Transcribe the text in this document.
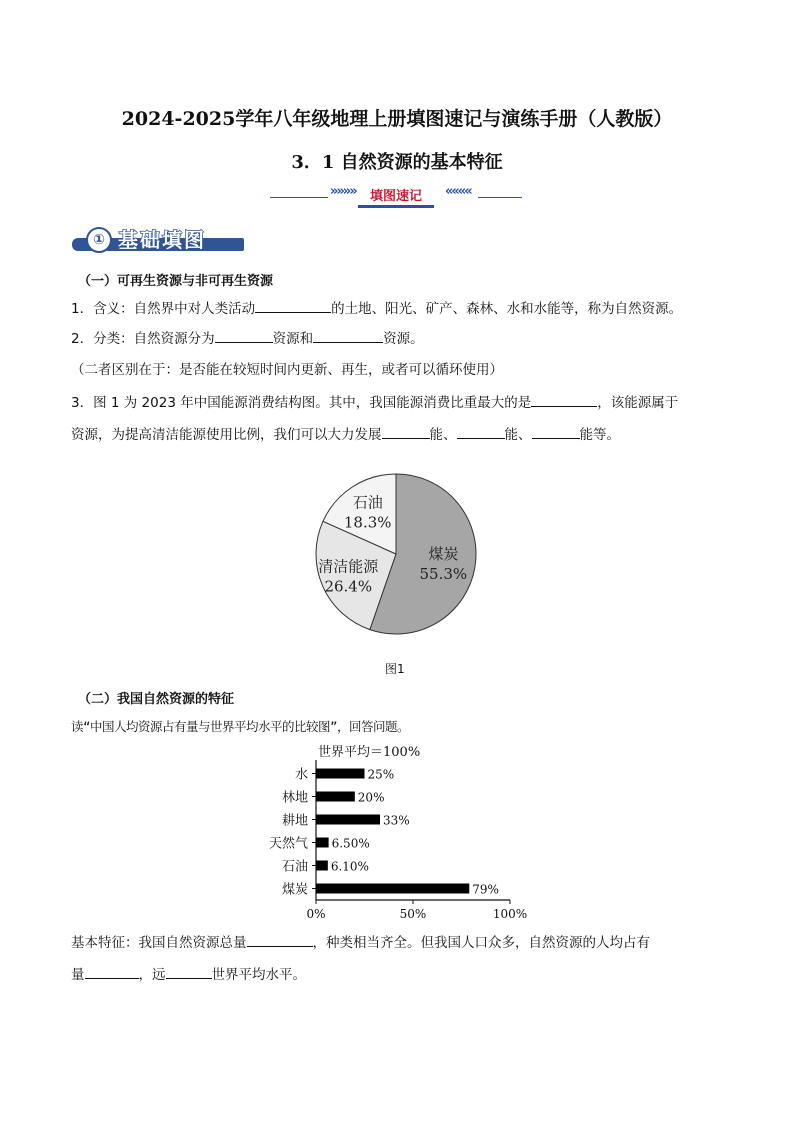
2024-2025学年八年级地理上册填图速记与演练手册（人教版）
3．1 自然资源的基本特征
»»»»	填图速记	««««
① 基础填图
（一）可再生资源与非可再生资源
1．含义：自然界中对人类活动	的土地、阳光、矿产、森林、水和水能等，称为自然资源。
2．分类：自然资源分为	资源和	资源。
（二者区别在于：是否能在较短时间内更新、再生，或者可以循环使用）
3．图 1 为 2023 年中国能源消费结构图。其中，我国能源消费比重最大的是	，该能源属于
资源，为提高清洁能源使用比例，我们可以大力发展	能、	能、	能等。
煤炭
55.3%
清洁能源
26.4%
石油
18.3%
图1
（二）我国自然资源的特征
读“中国人均资源占有量与世界平均水平的比较图”，回答问题。
世界平均＝100%
水	25%
林地	20%
耕地	33%
天然气 6.50%
石油 6.10%
煤炭	79%
0%	50%	100%
基本特征：我国自然资源总量	，种类相当齐全。但我国人口众多，自然资源的人均占有
量	，远	世界平均水平。
